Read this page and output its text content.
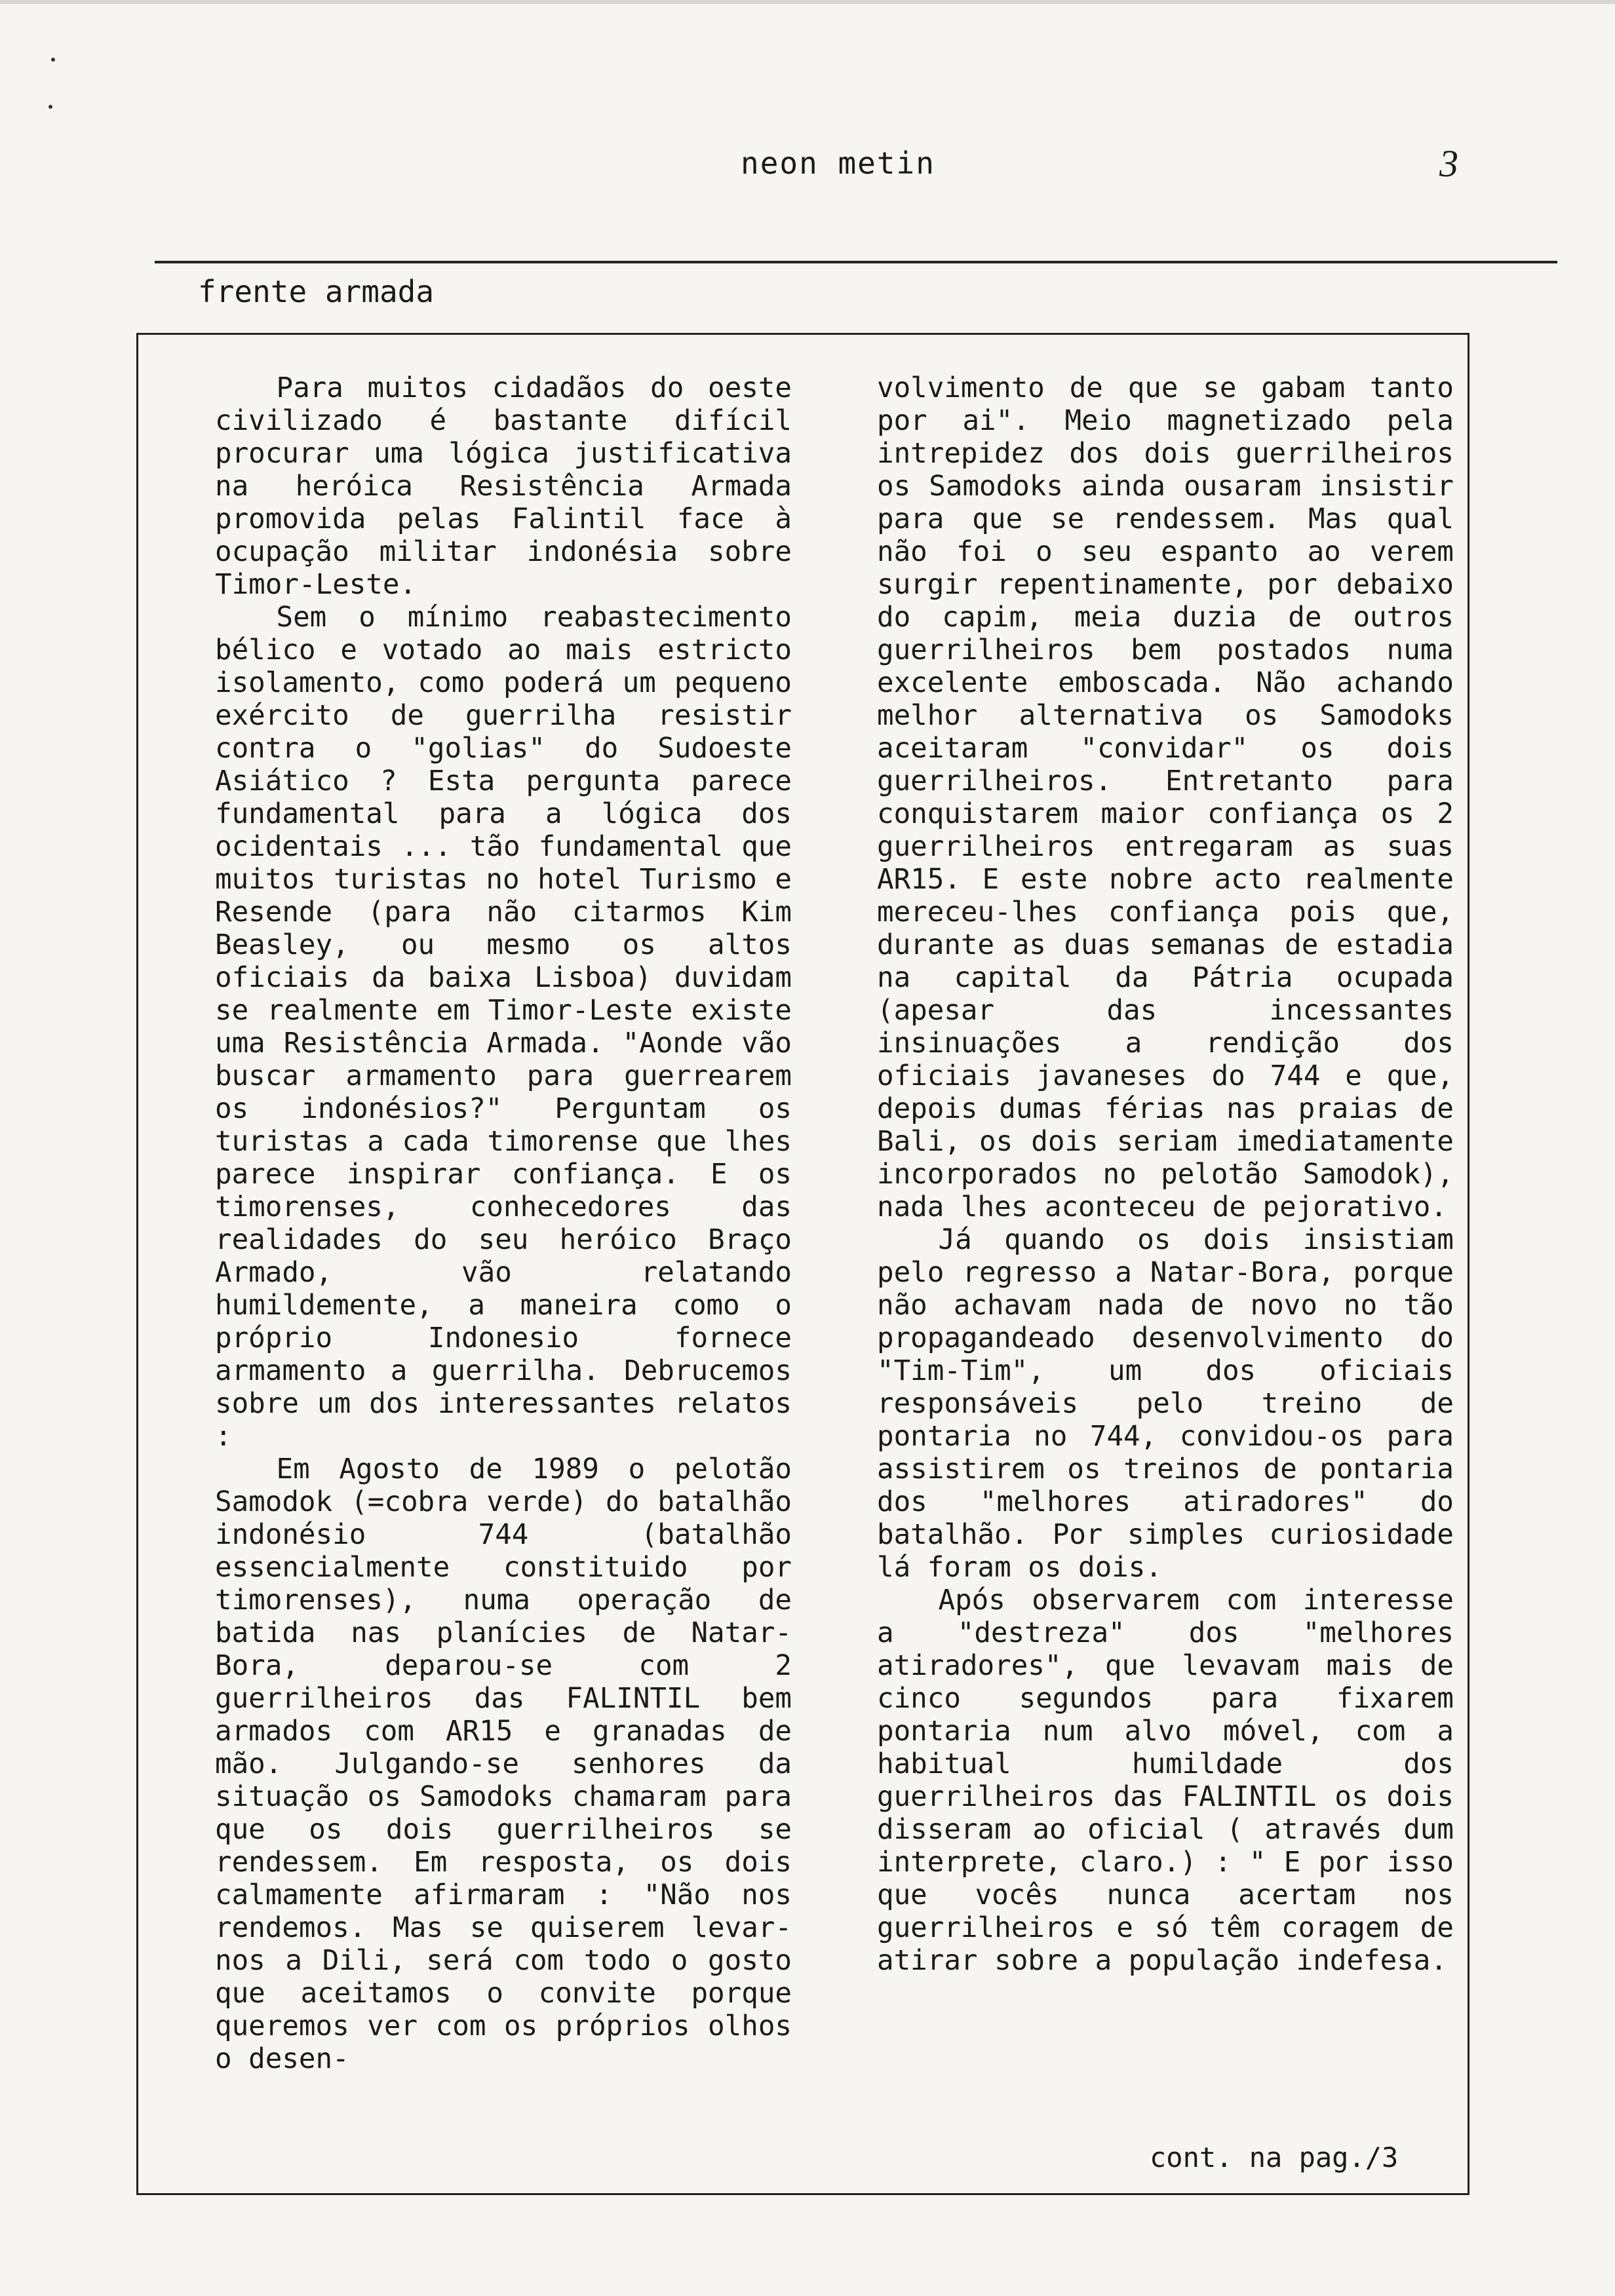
neon metin	3
frente armada

Para muitos cidadãos do oeste civilizado é bastante difícil procurar uma lógica justificativa na heróica Resistência Armada promovida pelas Falintil face à ocupação militar indonésia sobre Timor-Leste.

Sem o mínimo reabastecimento bélico e votado ao mais estricto isolamento, como poderá um pequeno exército de guerrilha resistir contra o "golias" do Sudoeste Asiático ? Esta pergunta parece fundamental para a lógica dos ocidentais ... tão fundamental que muitos turistas no hotel Turismo e Resende (para não citarmos Kim Beasley, ou mesmo os altos oficiais da baixa Lisboa) duvidam se realmente em Timor-Leste existe uma Resistência Armada. "Aonde vão buscar armamento para guerrearem os indonésios?" Perguntam os turistas a cada timorense que lhes parece inspirar confiança. E os timorenses, conhecedores das realidades do seu heróico Braço Armado, vão relatando humildemente, a maneira como o próprio Indonesio fornece armamento a guerrilha. Debrucemos sobre um dos interessantes relatos :

Em Agosto de 1989 o pelotão Samodok (=cobra verde) do batalhão indonésio 744 (batalhão essencialmente constituido por timorenses), numa operação de batida nas planícies de Natar-Bora, deparou-se com 2 guerrilheiros das FALINTIL bem armados com AR15 e granadas de mão. Julgando-se senhores da situação os Samodoks chamaram para que os dois guerrilheiros se rendessem. Em resposta, os dois calmamente afirmaram : "Não nos rendemos. Mas se quiserem levar-nos a Dili, será com todo o gosto que aceitamos o convite porque queremos ver com os próprios olhos o desen-

volvimento de que se gabam tanto por ai". Meio magnetizado pela intrepidez dos dois guerrilheiros os Samodoks ainda ousaram insistir para que se rendessem. Mas qual não foi o seu espanto ao verem surgir repentinamente, por debaixo do capim, meia duzia de outros guerrilheiros bem postados numa excelente emboscada. Não achando melhor alternativa os Samodoks aceitaram "convidar" os dois guerrilheiros. Entretanto para conquistarem maior confiança os 2 guerrilheiros entregaram as suas AR15. E este nobre acto realmente mereceu-lhes confiança pois que, durante as duas semanas de estadia na capital da Pátria ocupada (apesar das incessantes insinuações a rendição dos oficiais javaneses do 744 e que, depois dumas férias nas praias de Bali, os dois seriam imediatamente incorporados no pelotão Samodok), nada lhes aconteceu de pejorativo.

Já quando os dois insistiam pelo regresso a Natar-Bora, porque não achavam nada de novo no tão propagandeado desenvolvimento do "Tim-Tim", um dos oficiais responsáveis pelo treino de pontaria no 744, convidou-os para assistirem os treinos de pontaria dos "melhores atiradores" do batalhão. Por simples curiosidade lá foram os dois.

Após observarem com interesse a "destreza" dos "melhores atiradores", que levavam mais de cinco segundos para fixarem pontaria num alvo móvel, com a habitual humildade dos guerrilheiros das FALINTIL os dois disseram ao oficial ( através dum interprete, claro.) : " E por isso que vocês nunca acertam nos guerrilheiros e só têm coragem de atirar sobre a população indefesa.

cont. na pag./3
